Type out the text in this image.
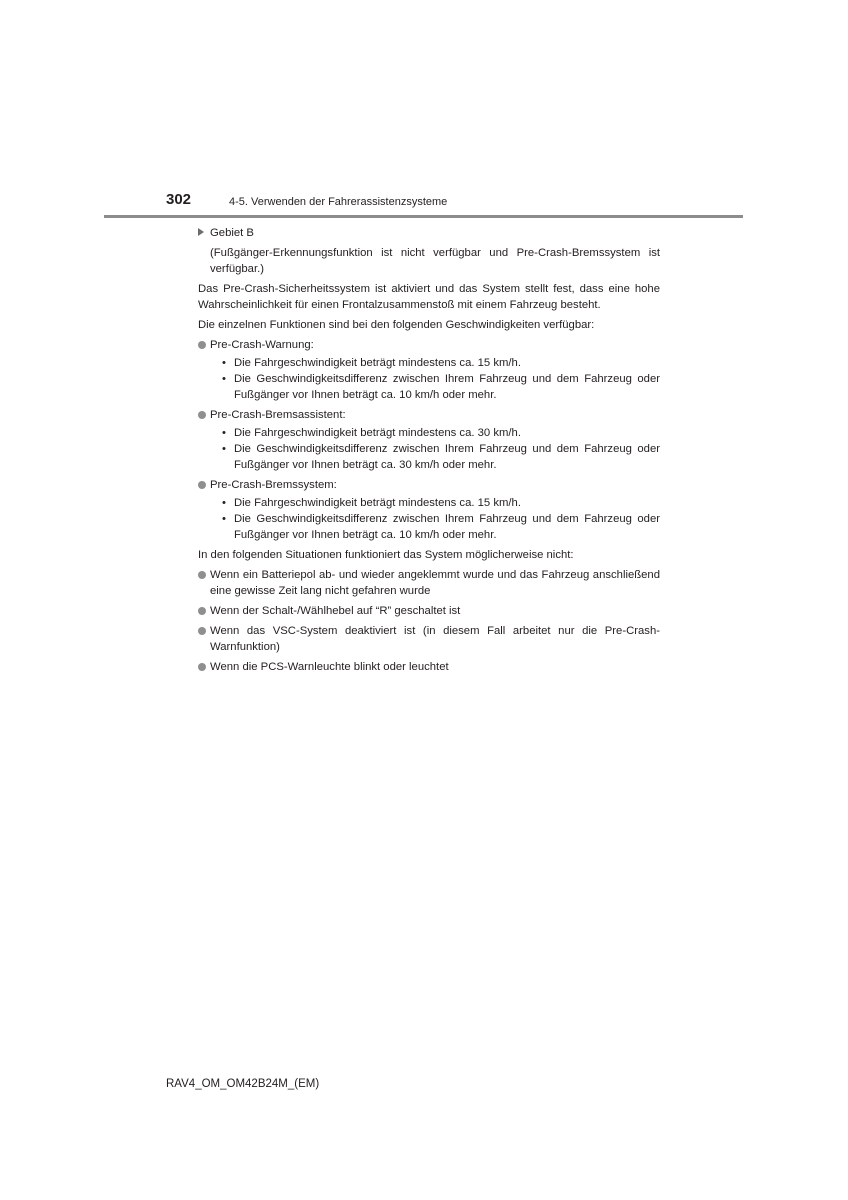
302	4-5. Verwenden der Fahrerassistenzsysteme
Gebiet B
(Fußgänger-Erkennungsfunktion ist nicht verfügbar und Pre-Crash-Bremssystem ist verfügbar.)
Das Pre-Crash-Sicherheitssystem ist aktiviert und das System stellt fest, dass eine hohe Wahrscheinlichkeit für einen Frontalzusammenstoß mit einem Fahrzeug besteht.
Die einzelnen Funktionen sind bei den folgenden Geschwindigkeiten verfügbar:
Pre-Crash-Warnung:
• Die Fahrgeschwindigkeit beträgt mindestens ca. 15 km/h.
• Die Geschwindigkeitsdifferenz zwischen Ihrem Fahrzeug und dem Fahrzeug oder Fußgänger vor Ihnen beträgt ca. 10 km/h oder mehr.
Pre-Crash-Bremsassistent:
• Die Fahrgeschwindigkeit beträgt mindestens ca. 30 km/h.
• Die Geschwindigkeitsdifferenz zwischen Ihrem Fahrzeug und dem Fahrzeug oder Fußgänger vor Ihnen beträgt ca. 30 km/h oder mehr.
Pre-Crash-Bremssystem:
• Die Fahrgeschwindigkeit beträgt mindestens ca. 15 km/h.
• Die Geschwindigkeitsdifferenz zwischen Ihrem Fahrzeug und dem Fahrzeug oder Fußgänger vor Ihnen beträgt ca. 10 km/h oder mehr.
In den folgenden Situationen funktioniert das System möglicherweise nicht:
Wenn ein Batteriepol ab- und wieder angeklemmt wurde und das Fahrzeug anschließend eine gewisse Zeit lang nicht gefahren wurde
Wenn der Schalt-/Wählhebel auf “R” geschaltet ist
Wenn das VSC-System deaktiviert ist (in diesem Fall arbeitet nur die Pre-Crash-Warnfunktion)
Wenn die PCS-Warnleuchte blinkt oder leuchtet
RAV4_OM_OM42B24M_(EM)
